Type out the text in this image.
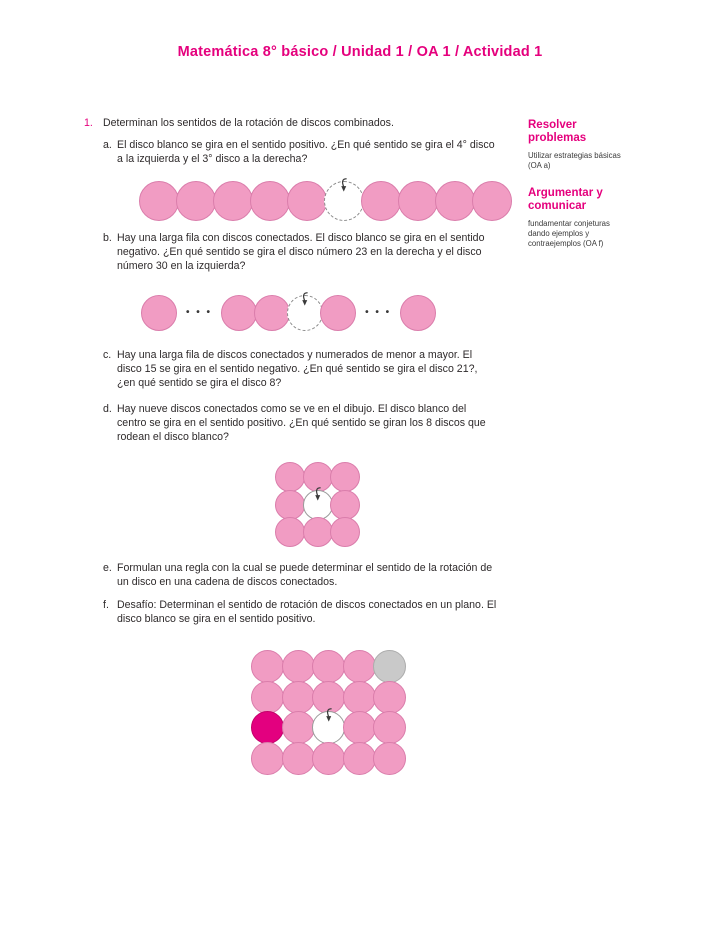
Matemática 8° básico / Unidad 1 / OA 1 / Actividad 1
1. Determinan los sentidos de la rotación de discos combinados.
a. El disco blanco se gira en el sentido positivo. ¿En qué sentido se gira el 4° disco a la izquierda y el 3° disco a la derecha?
b. Hay una larga fila con discos conectados. El disco blanco se gira en el sentido negativo. ¿En qué sentido se gira el disco número 23 en la derecha y el disco número 30 en la izquierda?
• • •	• • •
c. Hay una larga fila de discos conectados y numerados de menor a mayor. El disco 15 se gira en el sentido negativo. ¿En qué sentido se gira el disco 21?, ¿en qué sentido se gira el disco 8?
d. Hay nueve discos conectados como se ve en el dibujo. El disco blanco del centro se gira en el sentido positivo. ¿En qué sentido se giran los 8 discos que rodean el disco blanco?
e. Formulan una regla con la cual se puede determinar el sentido de la rotación de un disco en una cadena de discos conectados.
f. Desafío: Determinan el sentido de rotación de discos conectados en un plano. El disco blanco se gira en el sentido positivo.
Resolver problemas
Utilizar estrategias básicas (OA a)
Argumentar y comunicar
fundamentar conjeturas dando ejemplos y contraejemplos (OA f)
